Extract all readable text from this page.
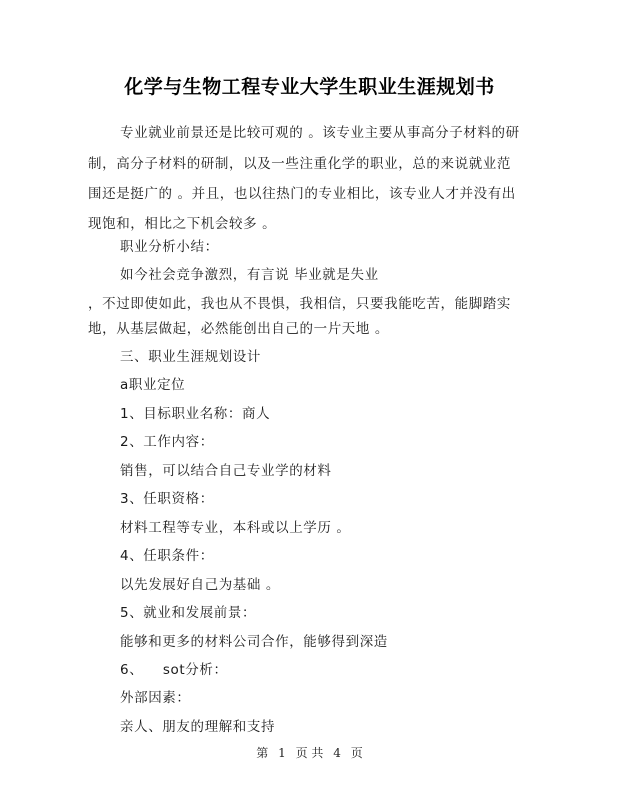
化学与生物工程专业大学生职业生涯规划书
专业就业前景还是比较可观的 。该专业主要从事高分子材料的研
制，高分子材料的研制，以及一些注重化学的职业，总的来说就业范
围还是挺广的 。并且，也以往热门的专业相比，该专业人才并没有出
现饱和，相比之下机会较多 。
职业分析小结：
如今社会竞争激烈，有言说 毕业就是失业
，不过即使如此，我也从不畏惧，我相信，只要我能吃苦，能脚踏实
地，从基层做起，必然能创出自己的一片天地 。
三、职业生涯规划设计
a职业定位
1、目标职业名称：商人
2、工作内容：
销售，可以结合自己专业学的材料
3、任职资格：
材料工程等专业，本科或以上学历 。
4、任职条件：
以先发展好自己为基础 。
5、就业和发展前景：
能够和更多的材料公司合作，能够得到深造
6、    sot分析：
外部因素：
亲人、朋友的理解和支持
第 1 页 共 4 页
